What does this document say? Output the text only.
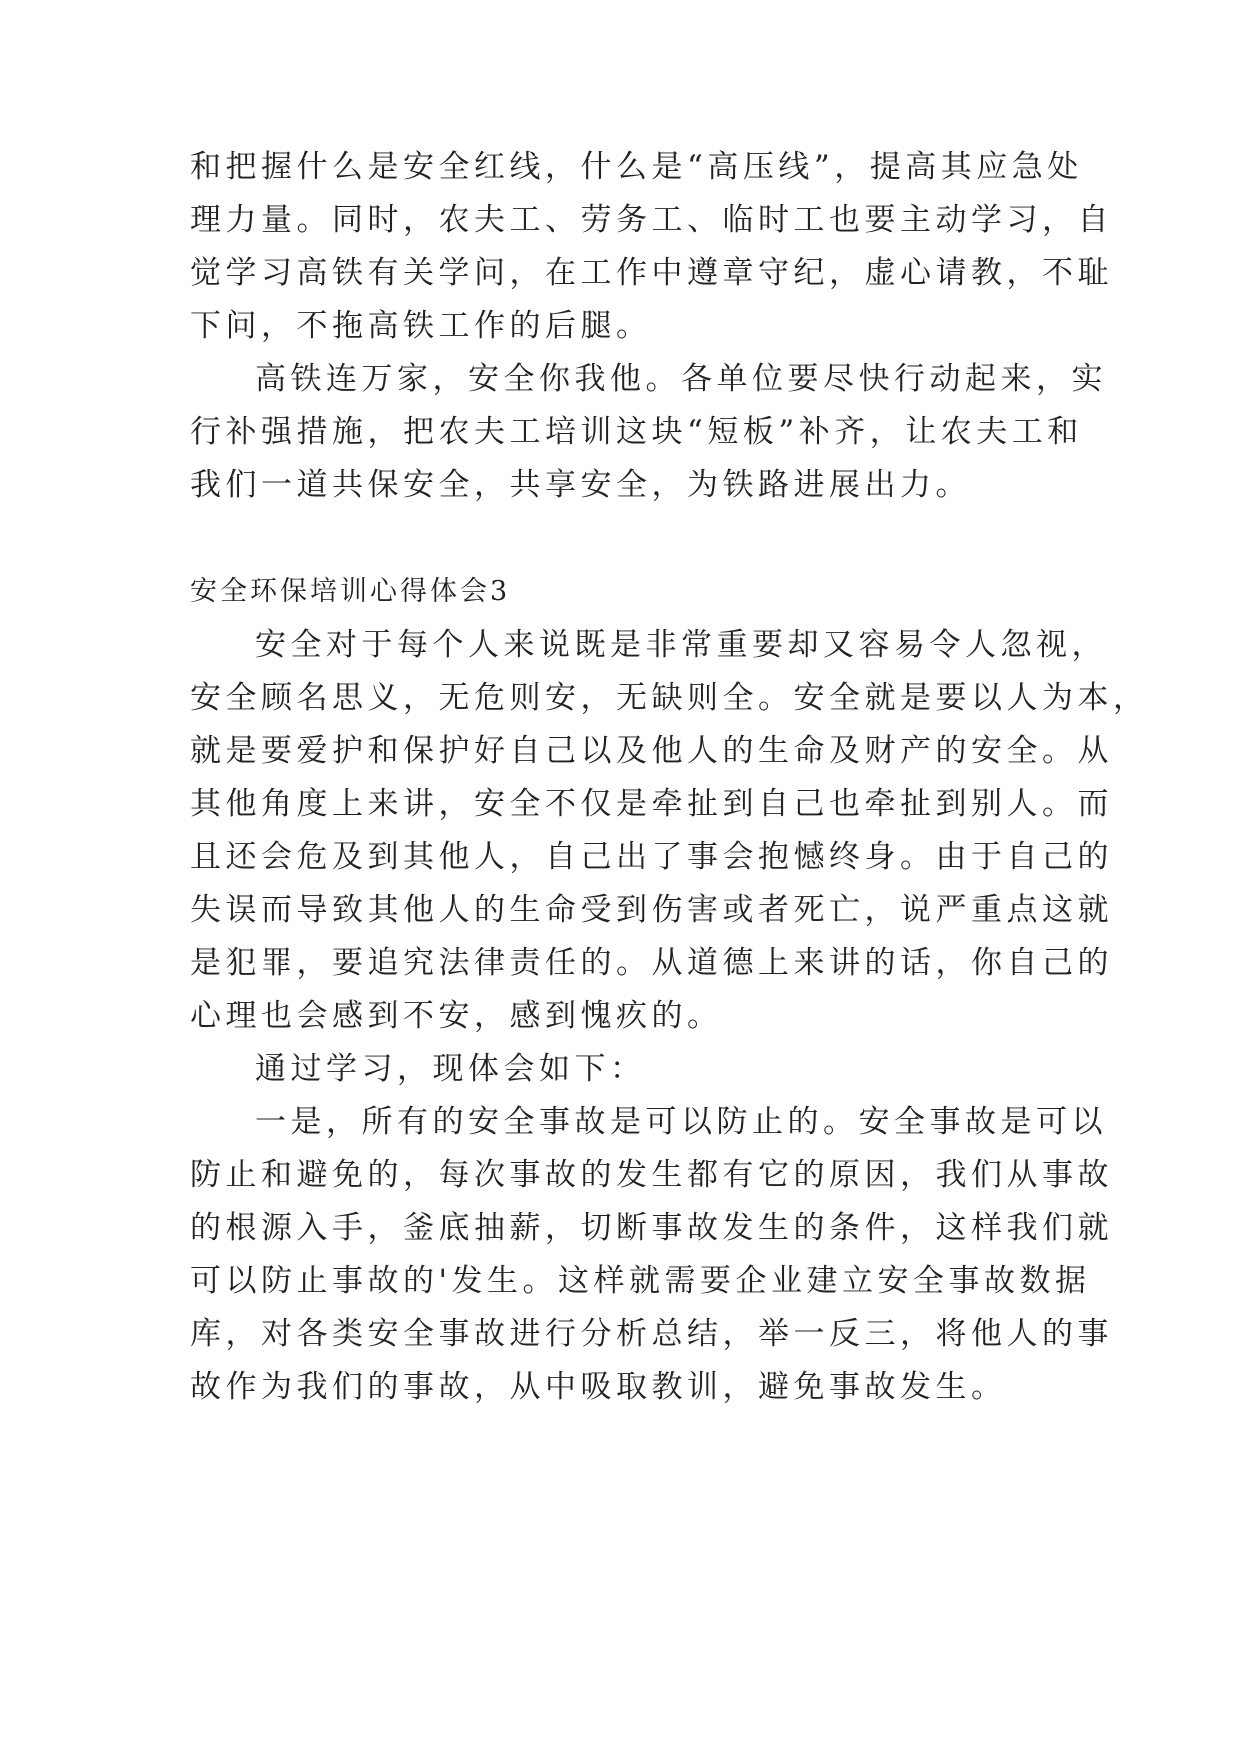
和把握什么是安全红线，什么是“高压线”，提高其应急处
理力量。同时，农夫工、劳务工、临时工也要主动学习，自
觉学习高铁有关学问，在工作中遵章守纪，虚心请教，不耻
下问，不拖高铁工作的后腿。
高铁连万家，安全你我他。各单位要尽快行动起来，实
行补强措施，把农夫工培训这块“短板”补齐，让农夫工和
我们一道共保安全，共享安全，为铁路进展出力。
安全环保培训心得体会3
安全对于每个人来说既是非常重要却又容易令人忽视，
安全顾名思义，无危则安，无缺则全。安全就是要以人为本，
就是要爱护和保护好自己以及他人的生命及财产的安全。从
其他角度上来讲，安全不仅是牵扯到自己也牵扯到别人。而
且还会危及到其他人，自己出了事会抱憾终身。由于自己的
失误而导致其他人的生命受到伤害或者死亡，说严重点这就
是犯罪，要追究法律责任的。从道德上来讲的话，你自己的
心理也会感到不安，感到愧疚的。
通过学习，现体会如下：
一是，所有的安全事故是可以防止的。安全事故是可以
防止和避免的，每次事故的发生都有它的原因，我们从事故
的根源入手，釜底抽薪，切断事故发生的条件，这样我们就
可以防止事故的'发生。这样就需要企业建立安全事故数据
库，对各类安全事故进行分析总结，举一反三，将他人的事
故作为我们的事故，从中吸取教训，避免事故发生。
